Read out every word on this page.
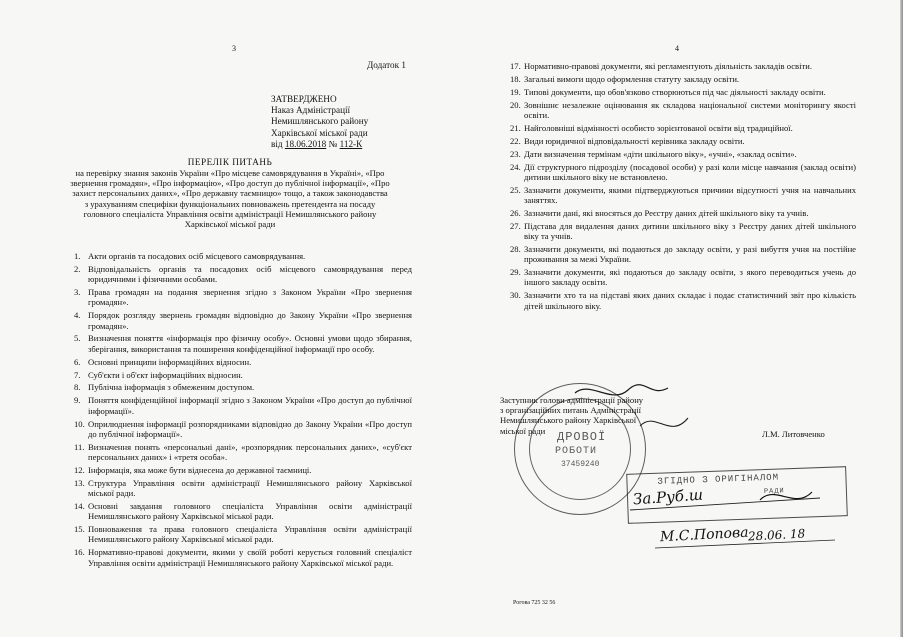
3
Додаток 1
ЗАТВЕРДЖЕНО
Наказ Адміністрації
Немишлянського району
Харківської міської ради
від 18.06.2018 № 112-К
ПЕРЕЛІК ПИТАНЬ
на перевірку знання законів України «Про місцеве самоврядування в Україні», «Про
звернення громадян», «Про інформацію», «Про доступ до публічної інформації», «Про
захист персональних даних», «Про державну таємницю» тощо, а також законодавства
з урахуванням специфіки функціональних повноважень претендента на посаду
головного спеціаліста Управління освіти адміністрації Немишлянського району
Харківської міської ради
1. Акти органів та посадових осіб місцевого самоврядування.
2. Відповідальність органів та посадових осіб місцевого самоврядування перед юридичними і фізичними особами.
3. Права громадян на подання звернення згідно з Законом України «Про звернення громадян».
4. Порядок розгляду звернень громадян відповідно до Закону України «Про звернення громадян».
5. Визначення поняття «інформація про фізичну особу». Основні умови щодо збирання, зберігання, використання та поширення конфіденційної інформації про особу.
6. Основні принципи інформаційних відносин.
7. Суб'єкти і об'єкт інформаційних відносин.
8. Публічна інформація з обмеженим доступом.
9. Поняття конфіденційної інформації згідно з Законом України «Про доступ до публічної інформації».
10. Оприлюднення інформації розпорядниками відповідно до Закону України «Про доступ до публічної інформації».
11. Визначення понять «персональні дані», «розпорядник персональних даних», «суб'єкт персональних даних» і «третя особа».
12. Інформація, яка може бути віднесена до державної таємниці.
13. Структура Управління освіти адміністрації Немишлянського району Харківської міської ради.
14. Основні завдання головного спеціаліста Управління освіти адміністрації Немишлянського району Харківської міської ради.
15. Повноваження та права головного спеціаліста Управління освіти адміністрації Немишлянського району Харківської міської ради.
16. Нормативно-правові документи, якими у своїй роботі керується головний спеціаліст Управління освіти адміністрації Немишлянського району Харківської міської ради.
4
17. Нормативно-правові документи, які регламентують діяльність закладів освіти.
18. Загальні вимоги щодо оформлення статуту закладу освіти.
19. Типові документи, що обов'язково створюються під час діяльності закладу освіти.
20. Зовнішнє незалежне оцінювання як складова національної системи моніторингу якості освіти.
21. Найголовніші відмінності особисто зорієнтованої освіти від традиційної.
22. Види юридичної відповідальності керівника закладу освіти.
23. Дати визначення термінам «діти шкільного віку», «учні», «заклад освіти».
24. Дії структурного підрозділу (посадової особи) у разі коли місце навчання (заклад освіти) дитини шкільного віку не встановлено.
25. Зазначити документи, якими підтверджуються причини відсутності учня на навчальних заняттях.
26. Зазначити дані, які вносяться до Реєстру даних дітей шкільного віку та учнів.
27. Підстава для видалення даних дитини шкільного віку з Реєстру даних дітей шкільного віку та учнів.
28. Зазначити документи, які подаються до закладу освіти, у разі вибуття учня на постійне проживання за межі України.
29. Зазначити документи, які подаються до закладу освіти, з якого переводиться учень до іншого закладу освіти.
30. Зазначити хто та на підставі яких даних складає і подає статистичний звіт про кількість дітей шкільного віку.
ДРОВОЇ
РОБОТИ
37459240
Заступник голови адміністрації району
з організаційних питань Адміністрації
Немишлянського району Харківської
міської ради	Л.М. Литовченко
ЗГІДНО З ОРИГІНАЛОМ
РАДИ
За.Руб.ш
М.С.Попова
28.06. 18
Рогова 725 32 56
